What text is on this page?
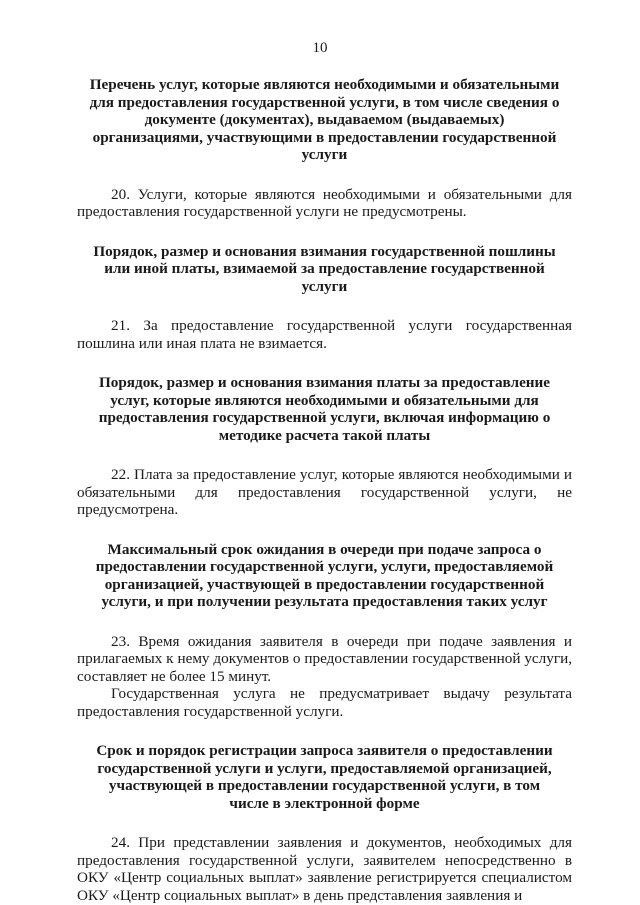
10
Перечень услуг, которые являются необходимыми и обязательными для предоставления государственной услуги, в том числе сведения о документе (документах), выдаваемом (выдаваемых) организациями, участвующими в предоставлении государственной услуги
20. Услуги, которые являются необходимыми и обязательными для предоставления государственной услуги не предусмотрены.
Порядок, размер и основания взимания государственной пошлины или иной платы, взимаемой за предоставление государственной услуги
21. За предоставление государственной услуги государственная пошлина или иная плата не взимается.
Порядок, размер и основания взимания платы за предоставление услуг, которые являются необходимыми и обязательными для предоставления государственной услуги, включая информацию о методике расчета такой платы
22. Плата за предоставление услуг, которые являются необходимыми и обязательными для предоставления государственной услуги, не предусмотрена.
Максимальный срок ожидания в очереди при подаче запроса о предоставлении государственной услуги, услуги, предоставляемой организацией, участвующей в предоставлении государственной услуги, и при получении результата предоставления таких услуг
23. Время ожидания заявителя в очереди при подаче заявления и прилагаемых к нему документов о предоставлении государственной услуги, составляет не более 15 минут.
Государственная услуга не предусматривает выдачу результата предоставления государственной услуги.
Срок и порядок регистрации запроса заявителя о предоставлении государственной услуги и услуги, предоставляемой организацией, участвующей в предоставлении государственной услуги, в том числе в электронной форме
24. При представлении заявления и документов, необходимых для предоставления государственной услуги, заявителем непосредственно в ОКУ «Центр социальных выплат» заявление регистрируется специалистом ОКУ «Центр социальных выплат» в день представления заявления и
